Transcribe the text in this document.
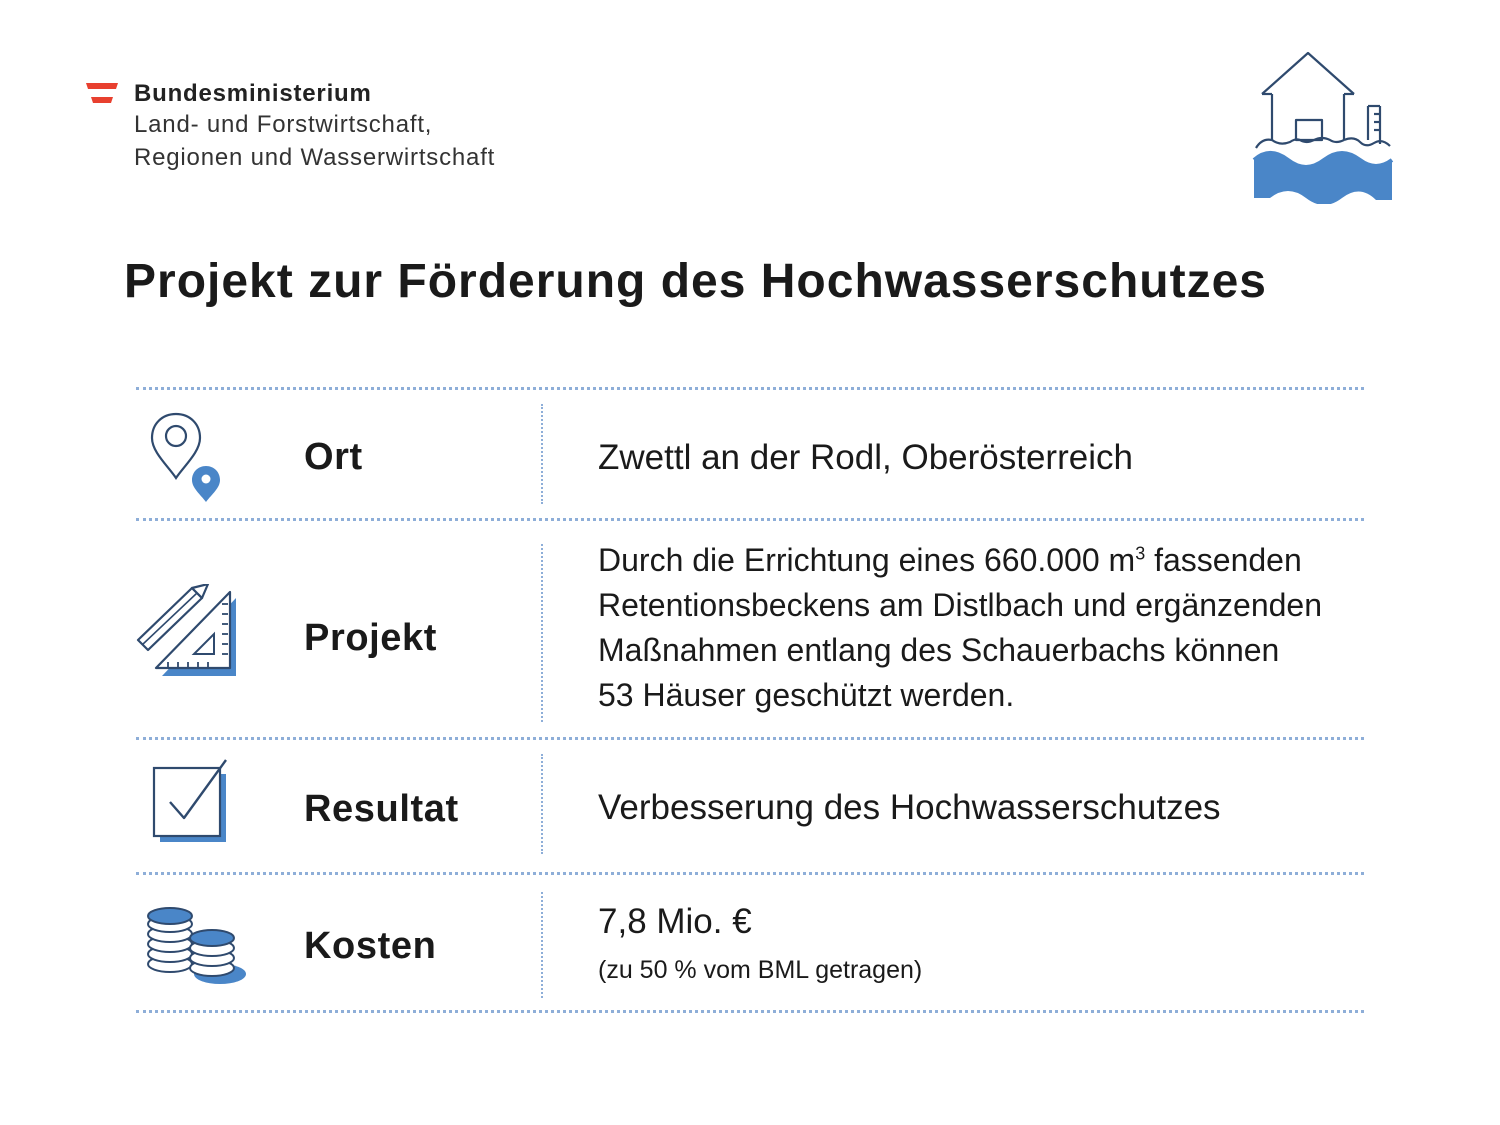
Bundesministerium
Land- und Forstwirtschaft,
Regionen und Wasserwirtschaft
Projekt zur Förderung des Hochwasserschutzes
Ort	Zwettl an der Rodl, Oberösterreich
Projekt
Durch die Errichtung eines 660.000 $m^3$ fassenden
Retentionsbeckens am Distlbach und ergänzenden
Maßnahmen entlang des Schauerbachs können
53 Häuser geschützt werden.
Resultat	Verbesserung des Hochwasserschutzes
Kosten
7,8 Mio. €
(zu 50 % vom BML getragen)
